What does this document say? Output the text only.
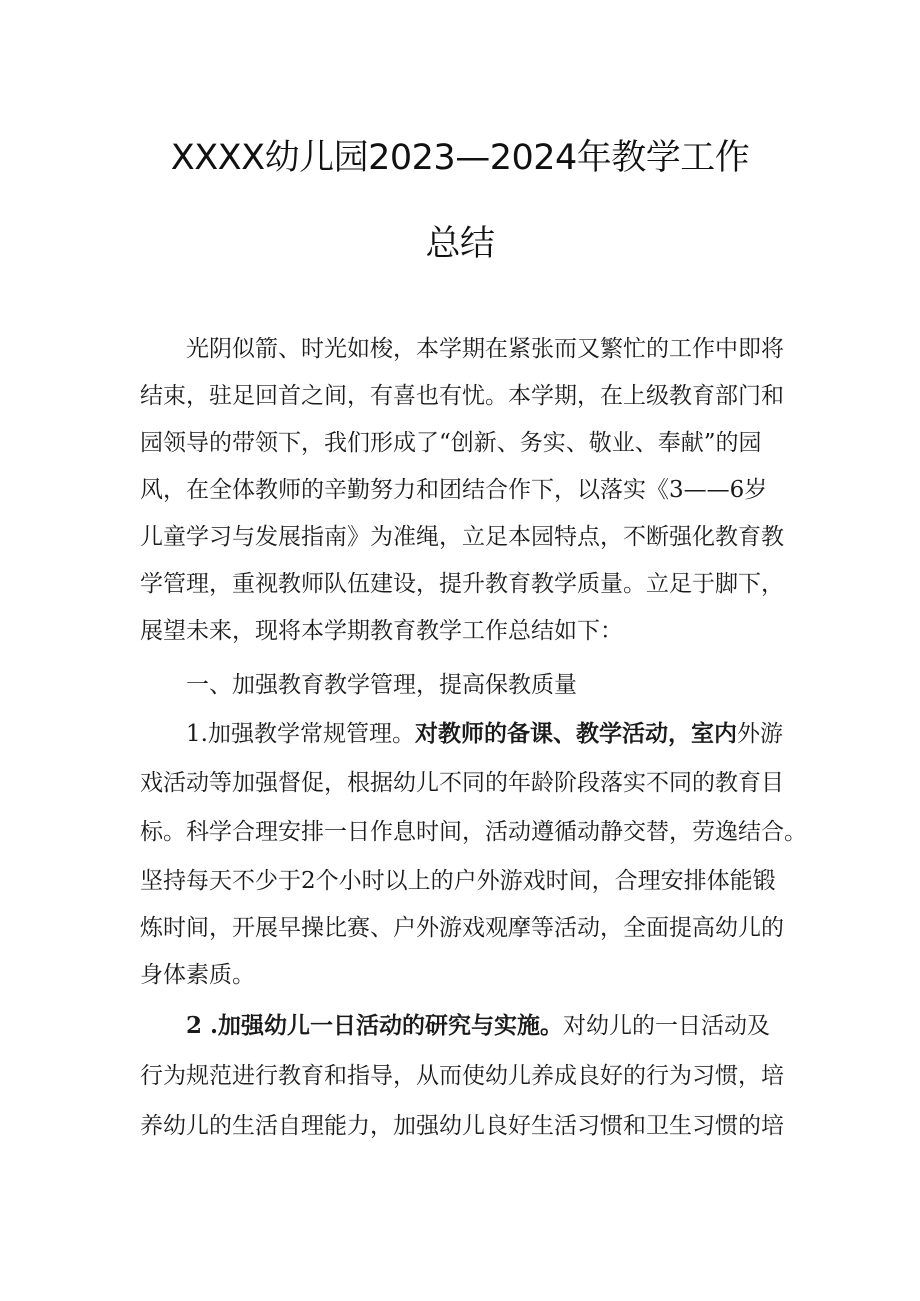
XXXX幼儿园2023—2024年教学工作
总结
光阴似箭、时光如梭，本学期在紧张而又繁忙的工作中即将
结束，驻足回首之间，有喜也有忧。本学期，在上级教育部门和
园领导的带领下，我们形成了“创新、务实、敬业、奉献”的园
风，在全体教师的辛勤努力和团结合作下，以落实《3——6岁
儿童学习与发展指南》为准绳，立足本园特点，不断强化教育教
学管理，重视教师队伍建设，提升教育教学质量。立足于脚下，
展望未来，现将本学期教育教学工作总结如下：
一、加强教育教学管理，提高保教质量
1.加强教学常规管理。对教师的备课、教学活动，室内外游
戏活动等加强督促，根据幼儿不同的年龄阶段落实不同的教育目
标。科学合理安排一日作息时间，活动遵循动静交替，劳逸结合。
坚持每天不少于2个小时以上的户外游戏时间，合理安排体能锻
炼时间，开展早操比赛、户外游戏观摩等活动，全面提高幼儿的
身体素质。
2 .加强幼儿一日活动的研究与实施。对幼儿的一日活动及
行为规范进行教育和指导，从而使幼儿养成良好的行为习惯，培
养幼儿的生活自理能力，加强幼儿良好生活习惯和卫生习惯的培
